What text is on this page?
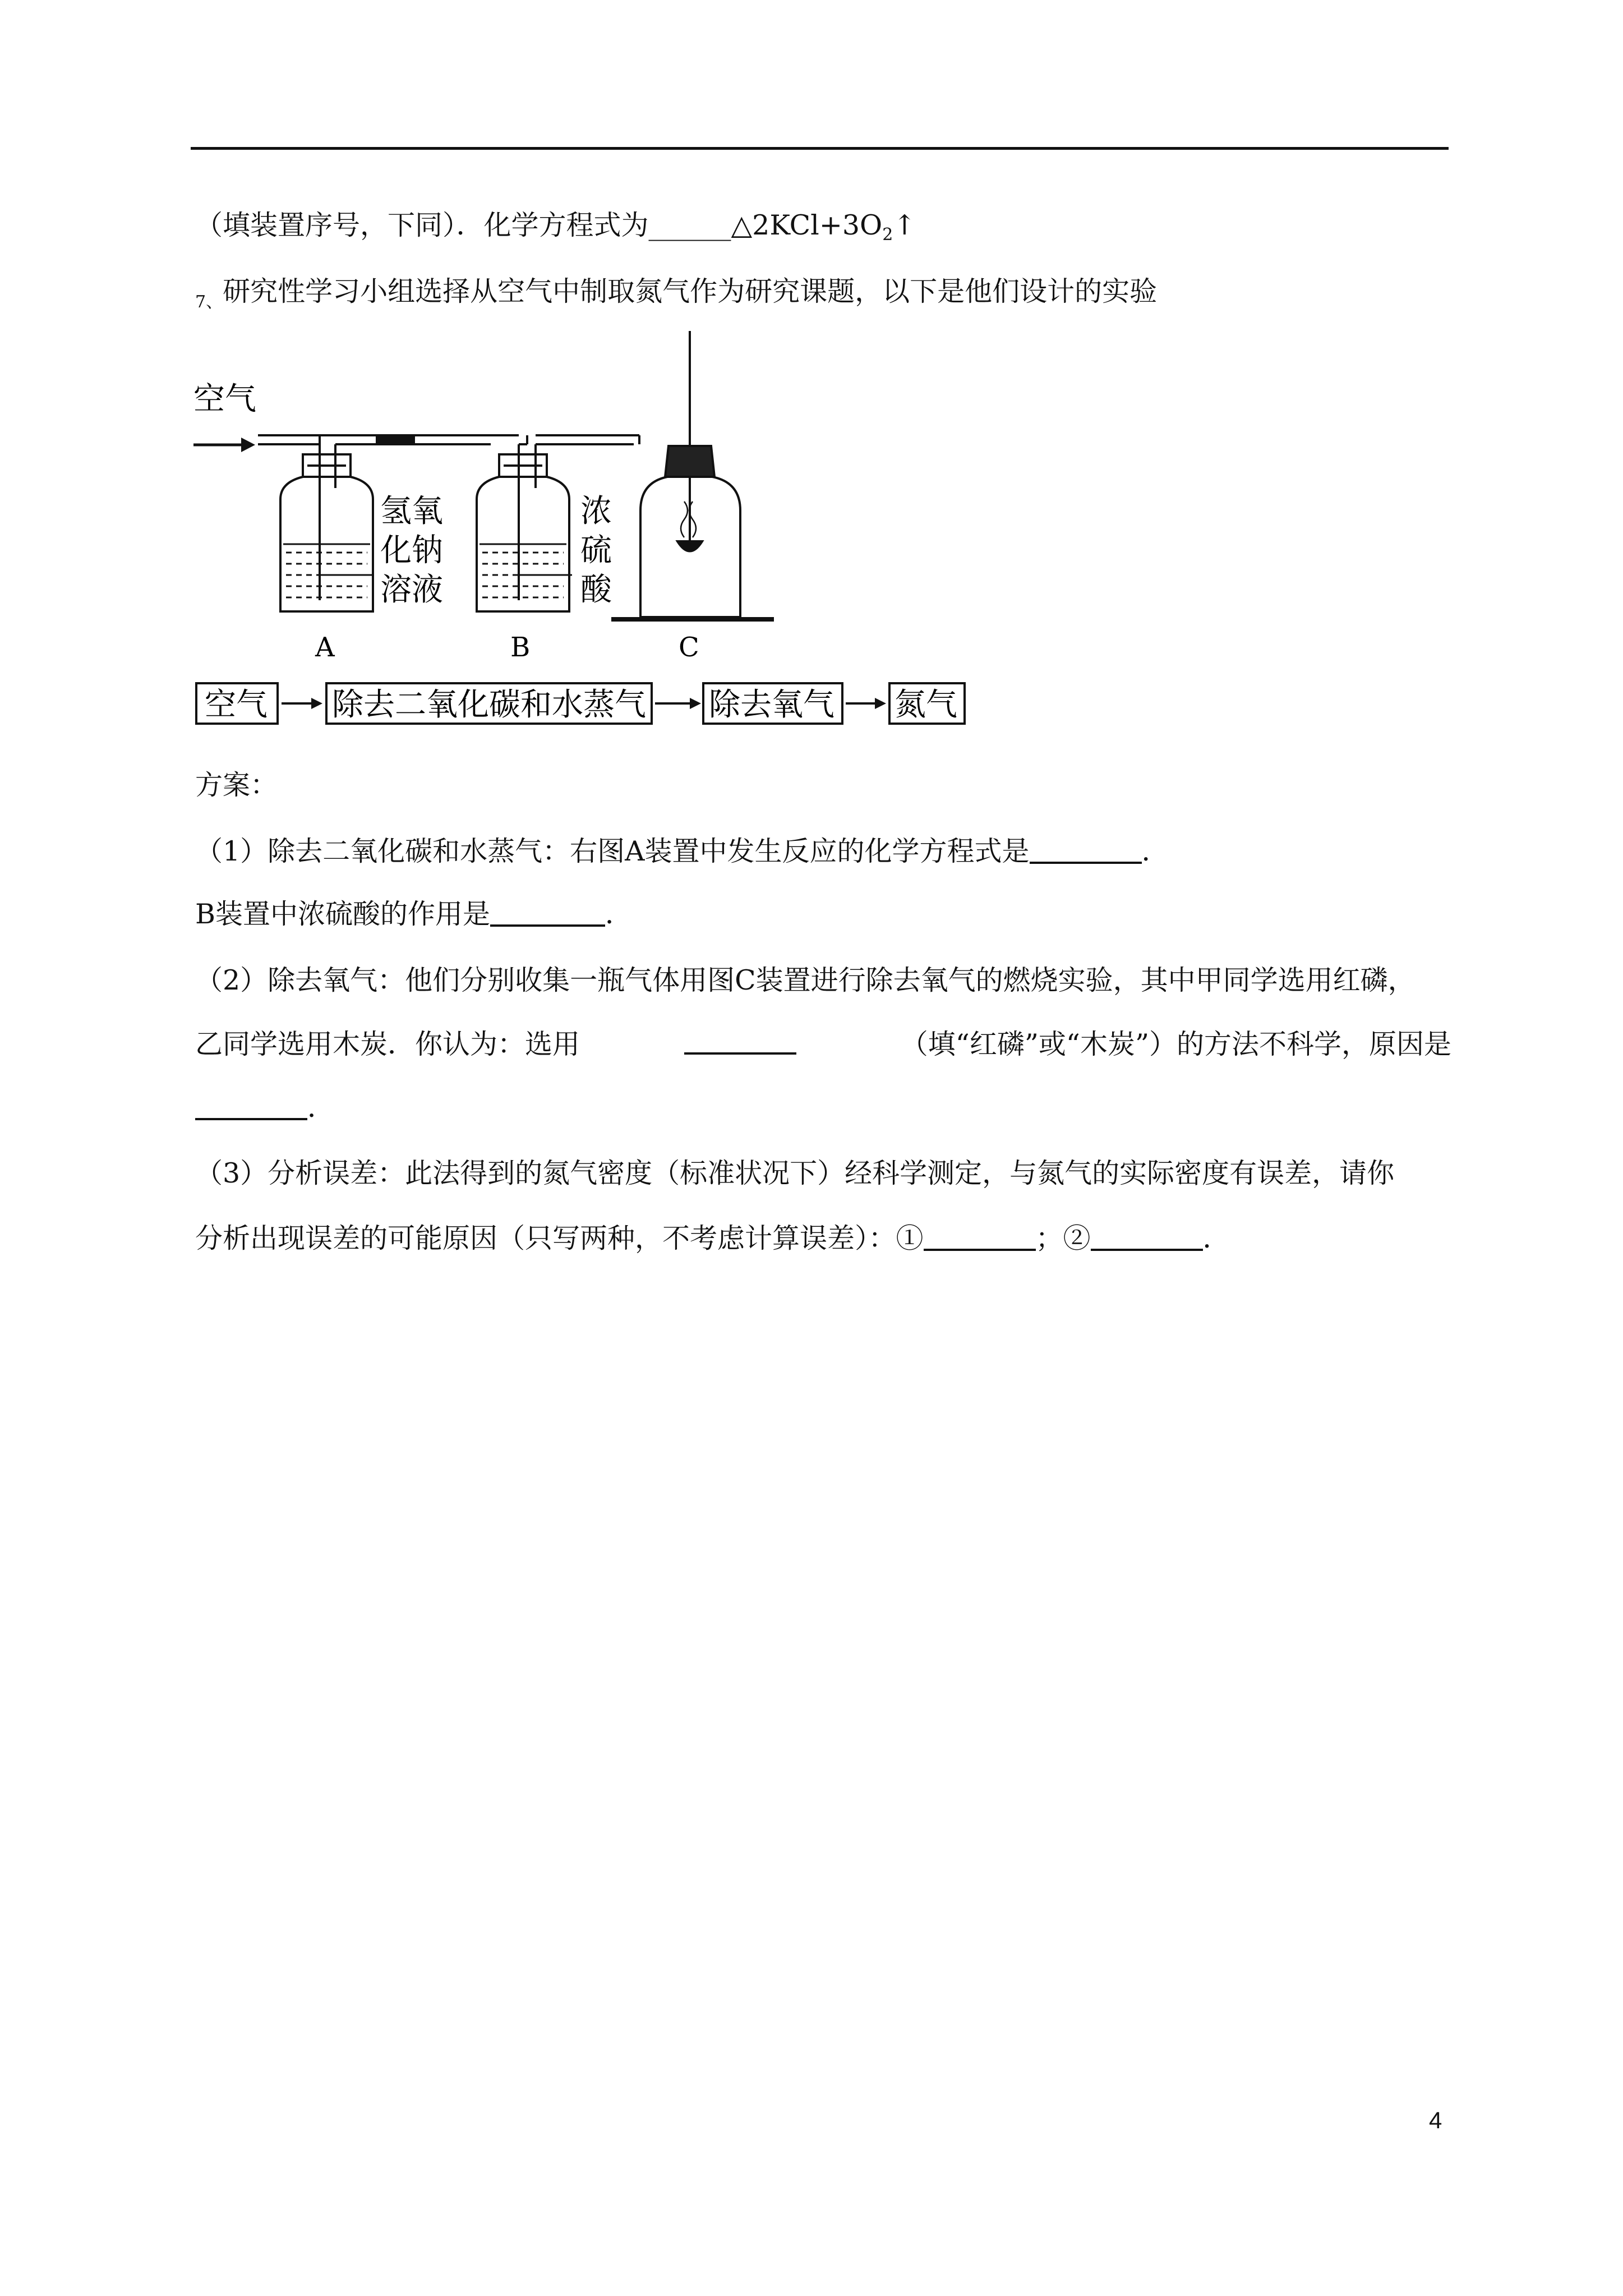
（填装置序号，下同）．化学方程式为$\_\_\_\_\_\_\triangle 2KCl+3O_2↑$
$_{7、}$研究性学习小组选择从空气中制取氮气作为研究课题，以下是他们设计的实验
空气
氢氧
化钠
溶液
A
浓
硫
酸
B	C
空气 除去二氧化碳和水蒸气 除去氧气 氮气
方案：
（1）除去二氧化碳和水蒸气：右图A装置中发生反应的化学方程式是	．
B装置中浓硫酸的作用是	．
（2）除去氧气：他们分别收集一瓶气体用图C装置进行除去氧气的燃烧实验，其中甲同学选用红磷，
乙同学选用木炭．你认为：选用	（填“红磷”或“木炭”）的方法不科学，原因是
．
（3）分析误差：此法得到的氮气密度（标准状况下）经科学测定，与氮气的实际密度有误差，请你
分析出现误差的可能原因（只写两种，不考虑计算误差）：①	；②	．
4
